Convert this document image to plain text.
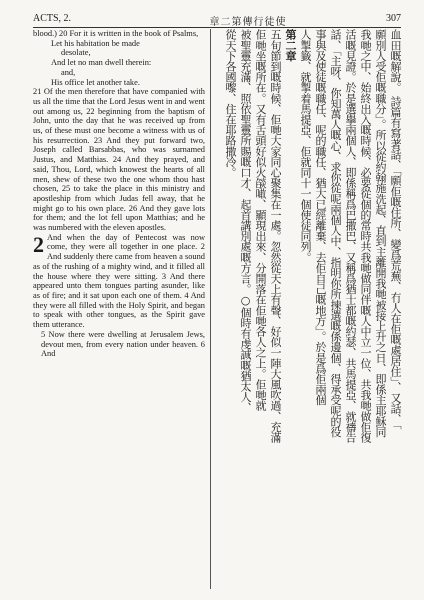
ACTS, 2.	章二第傳行徒使	307

blood.) 20 For it is written in the book of Psalms,

Let his habitation be made

desolate,

And let no man dwell therein:

and,

His office let another take.

21 Of the men therefore that have companied with us all the time that the Lord Jesus went in and went out among us, 22 beginning from the baptism of John, unto the day that he was received up from us, of these must one become a witness with us of his resurrection. 23 And they put forward two, Joseph called Barsabbas, who was surnamed Justus, and Matthias. 24 And they prayed, and said, Thou, Lord, which knowest the hearts of all men, shew of these two the one whom thou hast chosen, 25 to take the place in this ministry and apostleship from which Judas fell away, that he might go to his own place. 26 And they gave lots for them; and the lot fell upon Matthias; and he was numbered with the eleven apostles.

2 And when the day of Pentecost was now come, they were all together in one place. 2 And suddenly there came from heaven a sound as of the rushing of a mighty wind, and it filled all the house where they were sitting. 3 And there appeared unto them tongues parting asunder, like as of fire; and it sat upon each one of them. 4 And they were all filled with the Holy Spirit, and began to speak with other tongues, as the Spirit gave them utterance.

5 Now there were dwelling at Jerusalem Jews, devout men, from every nation under heaven. 6 And	血田嘅解說。 詩篇有寫著話、「願佢嘅住所、變爲荒蕪、冇人在佢嘅處居住」、又話、「
願別人受佢嘅職分」。所以從約翰施洗起、直到主離開我哋被接上升之日、即係主耶穌同
我哋之中、始終出入嘅時候、必要從個的常時共我哋做同伴嘅人中立一位、共我哋做佢復
活嘅見證。於是選擧兩個人、即係稱爲巴撒巴、又稱爲猶士都嘅約瑟、共馬提亞、就禱告
話、「主呀、你知萬人嘅心、求你從呢兩個人中、指明你所揀選嘅係邊個、得承受呢的役
事與及使徒嘅職任、呢的職任、猶大已經離棄、去佢自己嘅地方」。於是爲佢兩個
人掣籤、就掣着馬提亞、佢就同十一個使徒同列。
第二章
五旬節到嘅時候、佢哋大家同心聚集在一處。忽然從天上有聲、好似一陣大風吹過、充滿
佢哋坐嘅所在。又有舌頭好似火燄噉、顯現出來、分開落在佢哋各人之上。佢哋就
被聖靈充滿、照依聖靈所賜嘅口才、起首講別處嘅方言。○個時有虔誠嘅猶太人、
從天下各國嚟、住在耶路撒冷。
